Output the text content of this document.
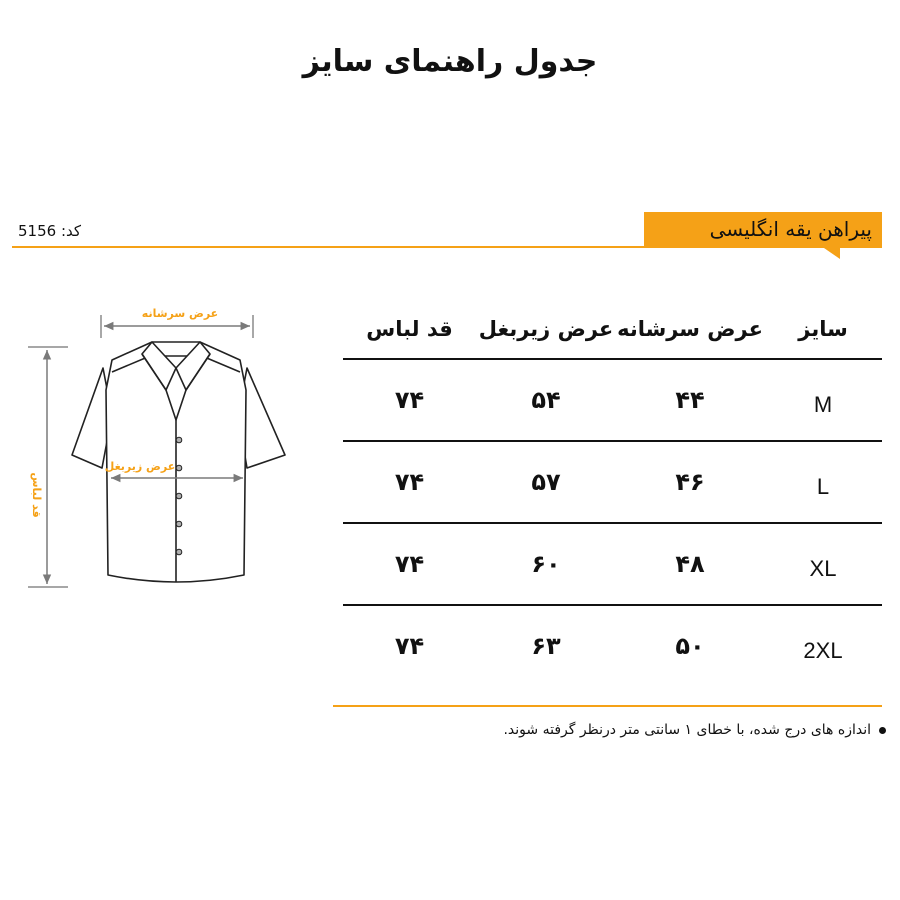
جدول راهنمای سایز
کد: 5156	پیراهن یقه انگلیسی
عرض سرشانه
عرض زیربغل
قد لباس
سایز	عرض سرشانه	عرض زیربغل	قد لباس
M	۴۴	۵۴	۷۴
L	۴۶	۵۷	۷۴
XL	۴۸	۶۰	۷۴
2XL	۵۰	۶۳	۷۴
اندازه های درج شده، با خطای ۱ سانتی متر درنظر گرفته شوند.
